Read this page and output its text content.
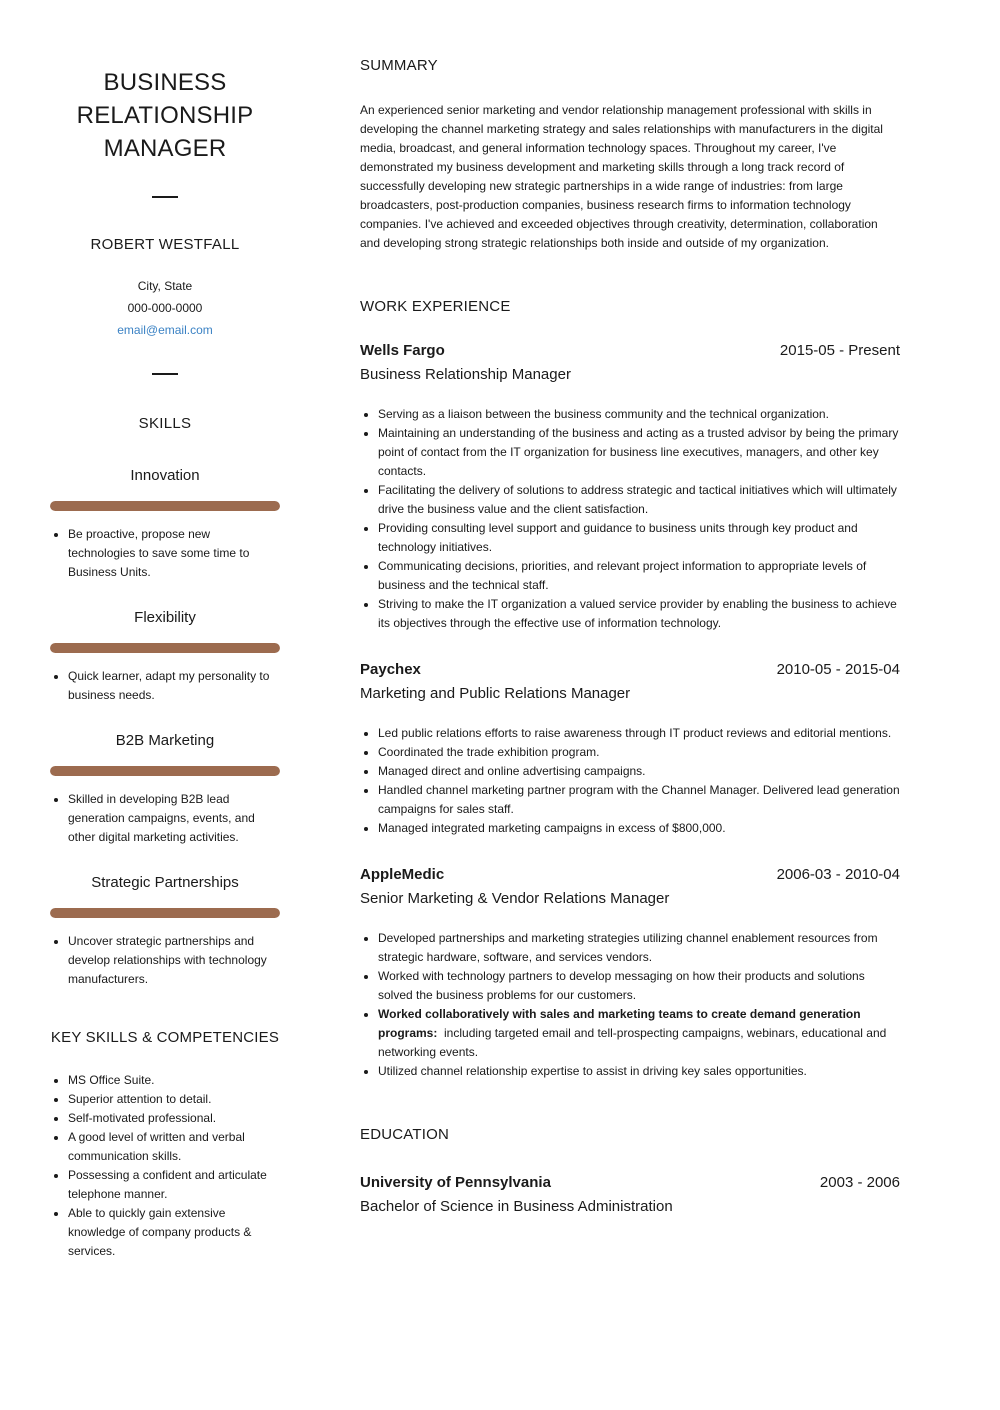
BUSINESS RELATIONSHIP MANAGER
ROBERT WESTFALL
City, State
000-000-0000
email@email.com
SKILLS
Innovation
• Be proactive, propose new technologies to save some time to Business Units.
Flexibility
• Quick learner, adapt my personality to business needs.
B2B Marketing
• Skilled in developing B2B lead generation campaigns, events, and other digital marketing activities.
Strategic Partnerships
• Uncover strategic partnerships and develop relationships with technology manufacturers.
KEY SKILLS & COMPETENCIES
• MS Office Suite.
• Superior attention to detail.
• Self-motivated professional.
• A good level of written and verbal communication skills.
• Possessing a confident and articulate telephone manner.
• Able to quickly gain extensive knowledge of company products & services.
SUMMARY

An experienced senior marketing and vendor relationship management professional with skills in developing the channel marketing strategy and sales relationships with manufacturers in the digital media, broadcast, and general information technology spaces. Throughout my career, I've demonstrated my business development and marketing skills through a long track record of successfully developing new strategic partnerships in a wide range of industries: from large broadcasters, post-production companies, business research firms to information technology companies. I've achieved and exceeded objectives through creativity, determination, collaboration and developing strong strategic relationships both inside and outside of my organization.

WORK EXPERIENCE
Wells Fargo	2015-05 - Present
Business Relationship Manager
• Serving as a liaison between the business community and the technical organization.
• Maintaining an understanding of the business and acting as a trusted advisor by being the primary point of contact from the IT organization for business line executives, managers, and other key contacts.
• Facilitating the delivery of solutions to address strategic and tactical initiatives which will ultimately drive the business value and the client satisfaction.
• Providing consulting level support and guidance to business units through key product and technology initiatives.
• Communicating decisions, priorities, and relevant project information to appropriate levels of business and the technical staff.
• Striving to make the IT organization a valued service provider by enabling the business to achieve its objectives through the effective use of information technology.
Paychex	2010-05 - 2015-04
Marketing and Public Relations Manager
• Led public relations efforts to raise awareness through IT product reviews and editorial mentions.
• Coordinated the trade exhibition program.
• Managed direct and online advertising campaigns.
• Handled channel marketing partner program with the Channel Manager. Delivered lead generation campaigns for sales staff.
• Managed integrated marketing campaigns in excess of $800,000.
AppleMedic	2006-03 - 2010-04
Senior Marketing & Vendor Relations Manager
• Developed partnerships and marketing strategies utilizing channel enablement resources from strategic hardware, software, and services vendors.
• Worked with technology partners to develop messaging on how their products and solutions solved the business problems for our customers.
• Worked collaboratively with sales and marketing teams to create demand generation programs: including targeted email and tell-prospecting campaigns, webinars, educational and networking events.
• Utilized channel relationship expertise to assist in driving key sales opportunities.
EDUCATION
University of Pennsylvania	2003 - 2006
Bachelor of Science in Business Administration
